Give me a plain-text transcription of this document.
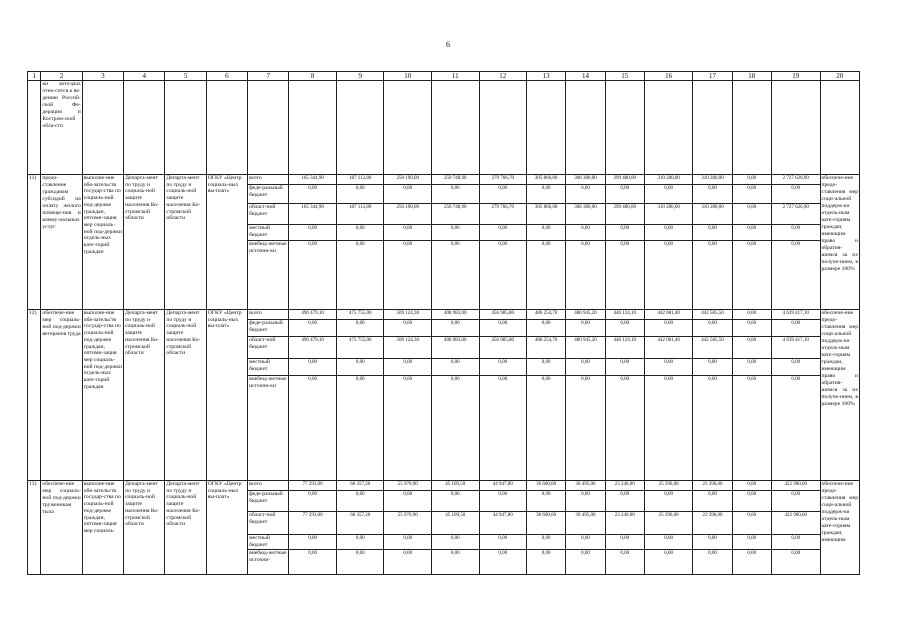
6
1	2	3	4	5	6	7	8	9	10	11	12	13	14	15	16	17	18	19	20
	ки кото-рых отно-сится к ве-дению Россий-ской Фе-дерации и Костром-ской обла-сти																		
11)	предо-ставление гражданам субсидий на оплату жилого помеще-ния и комму-нальных услуг	выполне-ние обя-зательств государ-ства по социаль-ной под-держке граждан, оптими-зация мер социаль-ной под-держки отдель-ных кате-горий граждан	Департа-мент по труду и социаль-ной защите населения Ко-стромской области	Департа-мент по труду и социаль-ной защите населения Ко-стромской области	ОГКУ «Центр социаль-ных вы-плат»	всего	165 344,90	187 112,80	250 190,00	250 748,90	279 766,70	305 866,00	308 380,00	299 480,00	310 280,00	310 280,00	0,00	2 727 626,90	обеспече-ние предо-ставления мер соци-альной поддерж-ки отдель-ным кате-гориям граждан, имеющим право и обратив-шимся за их получе-нием, в размере 100%
						феде-ральный бюджет	0,00	0,00	0,00	0,00	0,00	0,00	0,00	0,00	0,00	0,00	0,00	0,00	
						област-ной бюджет	165 344,90	187 112,80	250 190,00	250 748,90	279 766,70	305 866,00	308 380,00	299 480,00	310 280,00	310 280,00	0,00	2 727 626,90	
						местный бюджет	0,00	0,00	0,00	0,00	0,00	0,00	0,00	0,00	0,00	0,00	0,00	0,00	
						внебюд-жетные источни-ки	0,00	0,00	0,00	0,00	0,00	0,00	0,00	0,00	0,00	0,00	0,00	0,00	
12)	обеспече-ние мер социаль-ной под-держки ветеранов труда	выполне-ние обя-зательств государ-ства по социаль-ной под-держке граждан, оптими-зация мер социаль-ной под-держки отдель-ных кате-горий граждан	Департа-мент по труду и социаль-ной защите населения Ко-стромской области	Департа-мент по труду и социаль-ной защите населения Ко-стромской области	ОГКУ «Центр социаль-ных вы-плат»	всего	490 479,10	475 755,00	509 124,30	408 983,00	456 985,80	486 254,70	480 945,20	446 124,10	442 081,40	442 585,50	0,00	4 639 417,10	обеспече-ние предо-ставления мер соци-альной поддерж-ки отдель-ным кате-гориям граждан, имеющим право и обратив-шимся за их получе-нием, в размере 100%
						феде-ральный бюджет	0,00	0,00	0,00	0,00	0,00	0,00	0,00	0,00	0,00	0,00	0,00	0,00	
						област-ной бюджет	490 479,10	475 755,00	509 124,30	408 983,00	456 985,80	486 254,70	480 945,20	446 124,10	442 081,40	442 585,50	0,00	4 639 417,10	
						местный бюджет	0,00	0,00	0,00	0,00	0,00	0,00	0,00	0,00	0,00	0,00	0,00	0,00	
						внебюд-жетные источни-ки	0,00	0,00	0,00	0,00	0,00	0,00	0,00	0,00	0,00	0,00	0,00	0,00	
13)	обеспече-ние мер социаль-ной под-держки труженикам тыла	выполне-ние обя-зательств государ-ства по социаль-ной под-держке граждан, оптими-зация мер социаль-	Департа-мент по труду и социаль-ной защите населения Ко-стромской области	Департа-мент по труду и социаль-ной защите населения Ко-стромской области	ОГКУ «Центр социаль-ных вы-плат»	всего	77 293,00	60 357,20	55 970,90	45 109,50	44 947,80	36 600,00	30 495,00	23 246,00	25 396,00	23 396,00	0,00	422 900,60	обеспече-ние предо-ставления мер соци-альной поддерж-ки отдель-ным кате-гориям граждан, имеющим
						феде-ральный бюджет	0,00	0,00	0,00	0,00	0,00	0,00	0,00	0,00	0,00	0,00	0,00	0,00	
						област-ной бюджет	77 293,00	60 357,20	55 970,90	45 109,50	44 947,80	36 600,00	30 495,00	23 246,00	25 396,00	23 396,00	0,00	422 900,60	
						местный бюджет	0,00	0,00	0,00	0,00	0,00	0,00	0,00	0,00	0,00	0,00	0,00	0,00	
						внебюд-жетные источни-	0,00	0,00	0,00	0,00	0,00	0,00	0,00	0,00	0,00	0,00	0,00	0,00	
